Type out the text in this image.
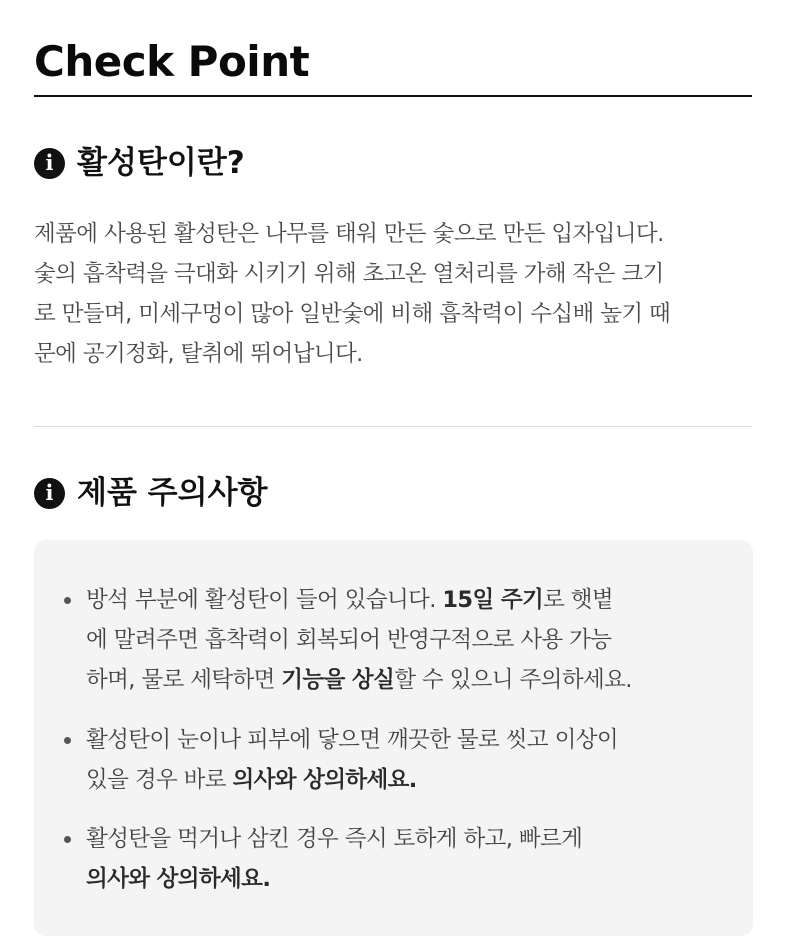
Check Point
i 활성탄이란?

제품에 사용된 활성탄은 나무를 태워 만든 숯으로 만든 입자입니다.
숯의 흡착력을 극대화 시키기 위해 초고온 열처리를 가해 작은 크기
로 만들며, 미세구멍이 많아 일반숯에 비해 흡착력이 수십배 높기 때
문에 공기정화, 탈취에 뛰어납니다.

i 제품 주의사항
방석 부분에 활성탄이 들어 있습니다. 15일 주기로 햇볕
에 말려주면 흡착력이 회복되어 반영구적으로 사용 가능
하며, 물로 세탁하면 기능을 상실할 수 있으니 주의하세요.
활성탄이 눈이나 피부에 닿으면 깨끗한 물로 씻고 이상이
있을 경우 바로 의사와 상의하세요.
활성탄을 먹거나 삼킨 경우 즉시 토하게 하고, 빠르게
의사와 상의하세요.
